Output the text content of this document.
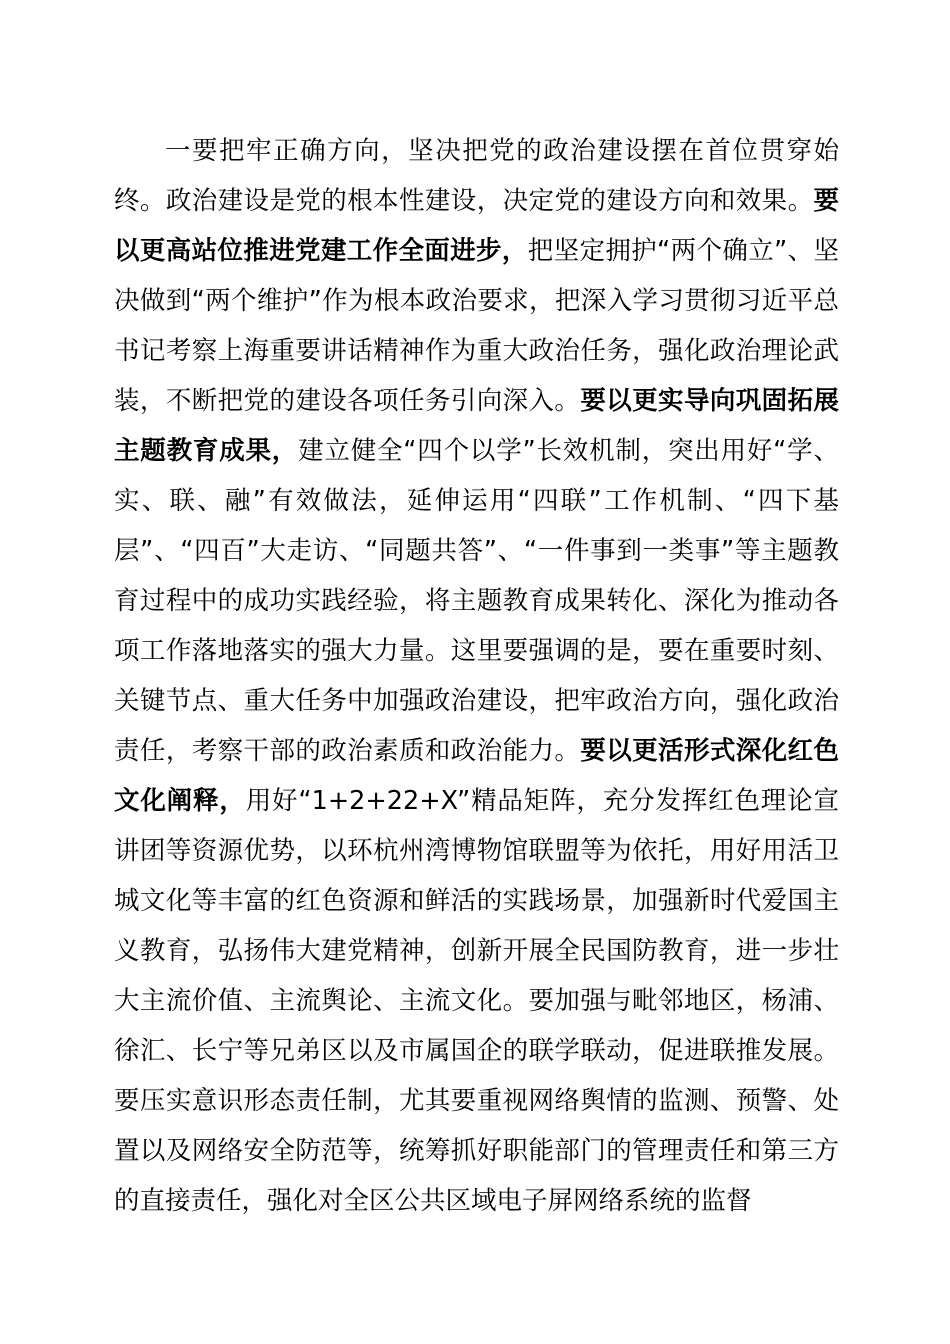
一要把牢正确方向，坚决把党的政治建设摆在首位贯穿始终。政治建设是党的根本性建设，决定党的建设方向和效果。要以更高站位推进党建工作全面进步，把坚定拥护“两个确立”、坚决做到“两个维护”作为根本政治要求，把深入学习贯彻习近平总书记考察上海重要讲话精神作为重大政治任务，强化政治理论武装，不断把党的建设各项任务引向深入。要以更实导向巩固拓展主题教育成果，建立健全“四个以学”长效机制，突出用好“学、实、联、融”有效做法，延伸运用“四联”工作机制、“四下基层”、“四百”大走访、“同题共答”、“一件事到一类事”等主题教育过程中的成功实践经验，将主题教育成果转化、深化为推动各项工作落地落实的强大力量。这里要强调的是，要在重要时刻、关键节点、重大任务中加强政治建设，把牢政治方向，强化政治责任，考察干部的政治素质和政治能力。要以更活形式深化红色文化阐释，用好“1+2+22+X”精品矩阵，充分发挥红色理论宣讲团等资源优势，以环杭州湾博物馆联盟等为依托，用好用活卫城文化等丰富的红色资源和鲜活的实践场景，加强新时代爱国主义教育，弘扬伟大建党精神，创新开展全民国防教育，进一步壮大主流价值、主流舆论、主流文化。要加强与毗邻地区，杨浦、徐汇、长宁等兄弟区以及市属国企的联学联动，促进联推发展。要压实意识形态责任制，尤其要重视网络舆情的监测、预警、处置以及网络安全防范等，统筹抓好职能部门的管理责任和第三方的直接责任，强化对全区公共区域电子屏网络系统的监督
